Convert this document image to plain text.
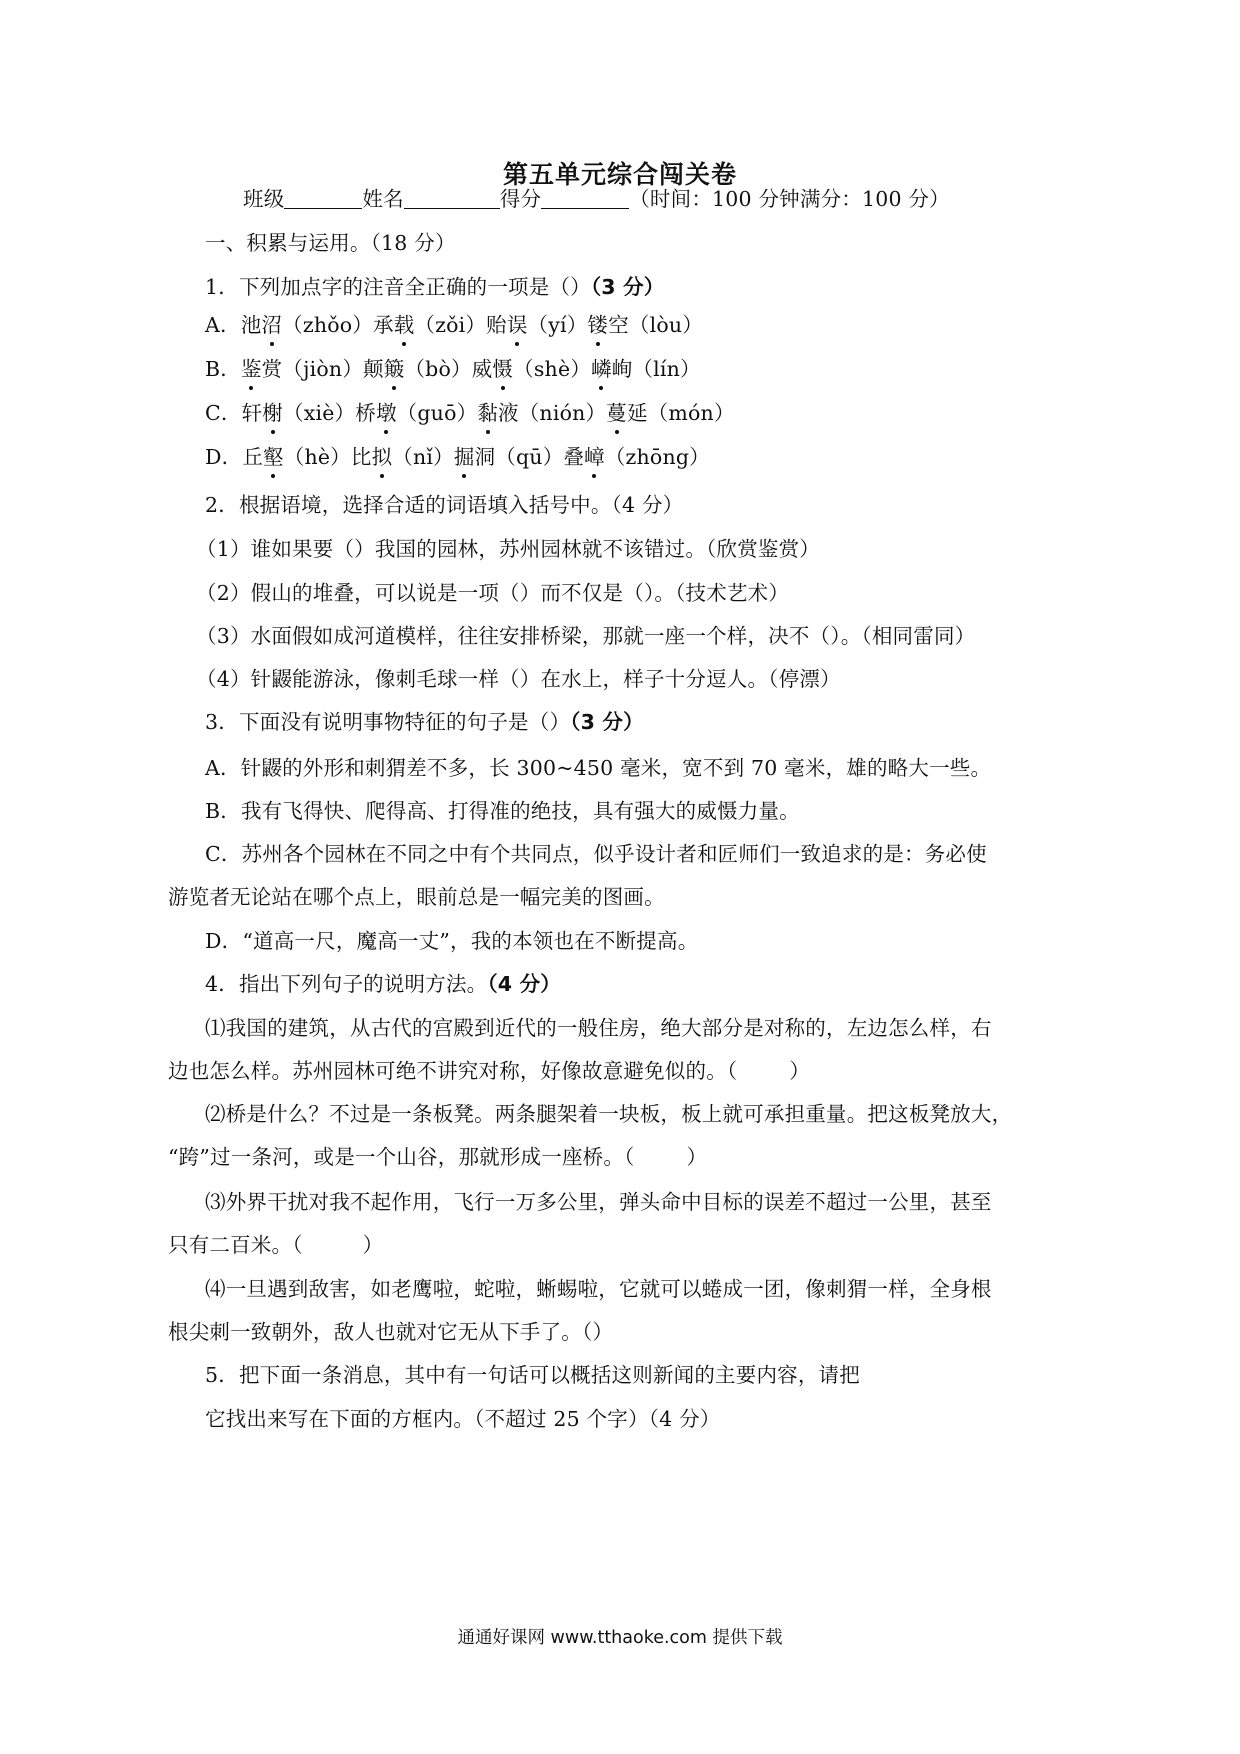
第五单元综合闯关卷
班级	姓名	得分	（时间：100 分钟满分：100 分）
一、积累与运用。（18 分）
1．下列加点字的注音全正确的一项是（）（3 分）
A．池沼（zhǒo）承载（zǒi）贻误（yí）镂空（lòu）
B．鉴赏（jiòn）颠簸（bò）威慑（shè）嶙峋（lín）
C．轩榭（xiè）桥墩（guō）黏液（nión）蔓延（món）
D．丘壑（hè）比拟（nǐ）掘洞（qū）叠嶂（zhōng）
2．根据语境，选择合适的词语填入括号中。（4 分）
（1）谁如果要（）我国的园林，苏州园林就不该错过。（欣赏鉴赏）
（2）假山的堆叠，可以说是一项（）而不仅是（）。（技术艺术）
（3）水面假如成河道模样，往往安排桥梁，那就一座一个样，决不（）。（相同雷同）
（4）针鼹能游泳，像刺毛球一样（）在水上，样子十分逗人。（停漂）
3．下面没有说明事物特征的句子是（）（3 分）
A．针鼹的外形和刺猬差不多，长 300~450 毫米，宽不到 70 毫米，雄的略大一些。
B．我有飞得快、爬得高、打得准的绝技，具有强大的威慑力量。
C．苏州各个园林在不同之中有个共同点，似乎设计者和匠师们一致追求的是：务必使
游览者无论站在哪个点上，眼前总是一幅完美的图画。
D．“道高一尺，魔高一丈”，我的本领也在不断提高。
4．指出下列句子的说明方法。（4 分）
⑴我国的建筑，从古代的宫殿到近代的一般住房，绝大部分是对称的，左边怎么样，右
边也怎么样。苏州园林可绝不讲究对称，好像故意避免似的。（	）
⑵桥是什么？不过是一条板凳。两条腿架着一块板，板上就可承担重量。把这板凳放大，
“跨”过一条河，或是一个山谷，那就形成一座桥。（	）
⑶外界干扰对我不起作用，飞行一万多公里，弹头命中目标的误差不超过一公里，甚至
只有二百米。（	）
⑷一旦遇到敌害，如老鹰啦，蛇啦，蜥蜴啦，它就可以蜷成一团，像刺猬一样，全身根
根尖刺一致朝外，敌人也就对它无从下手了。（）
5．把下面一条消息，其中有一句话可以概括这则新闻的主要内容，请把
它找出来写在下面的方框内。（不超过 25 个字）（4 分）
通通好课网 www.tthaoke.com 提供下载
